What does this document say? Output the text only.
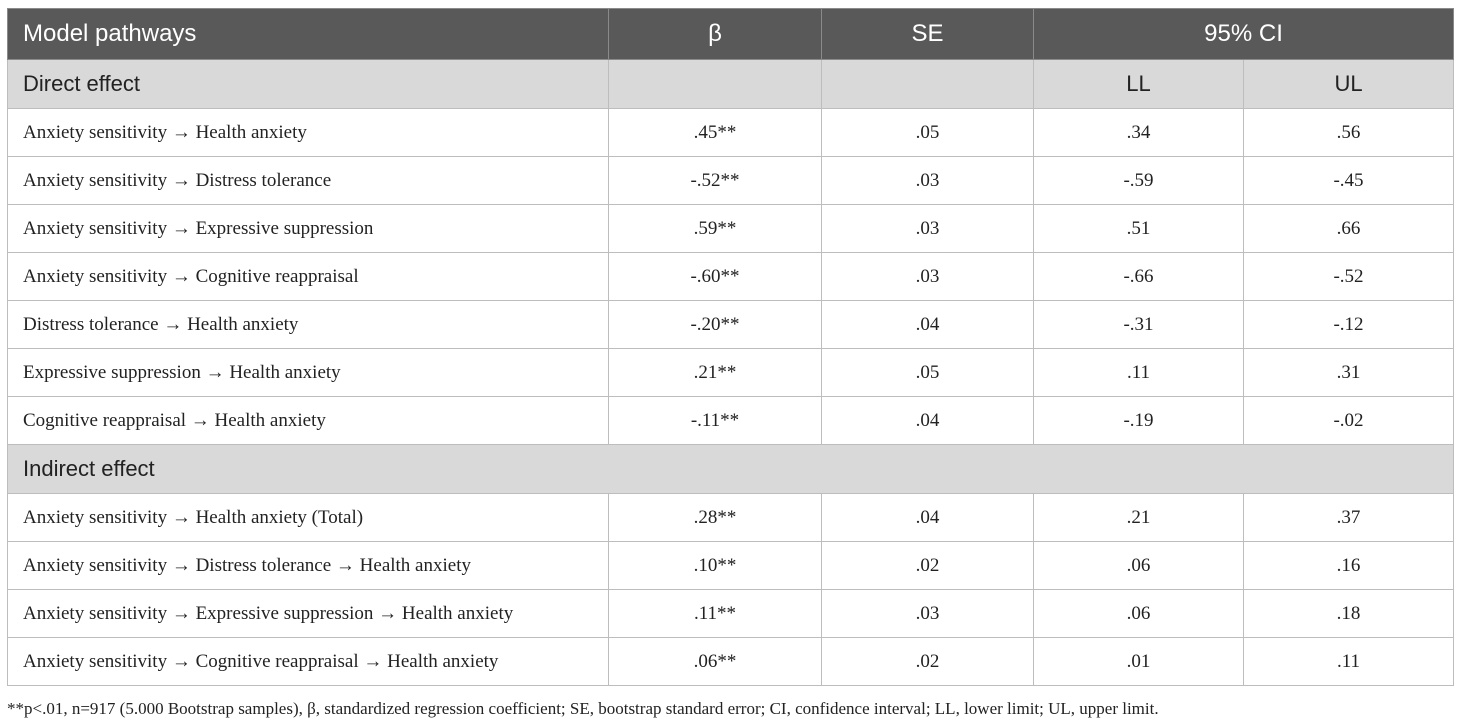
Model pathways	β	SE	95% CI	
Direct effect			LL	UL
Anxiety sensitivity → Health anxiety	.45**	.05	.34	.56
Anxiety sensitivity → Distress tolerance	-.52**	.03	-.59	-.45
Anxiety sensitivity → Expressive suppression	.59**	.03	.51	.66
Anxiety sensitivity → Cognitive reappraisal	-.60**	.03	-.66	-.52
Distress tolerance → Health anxiety	-.20**	.04	-.31	-.12
Expressive suppression → Health anxiety	.21**	.05	.11	.31
Cognitive reappraisal → Health anxiety	-.11**	.04	-.19	-.02
Indirect effect				
Anxiety sensitivity → Health anxiety (Total)	.28**	.04	.21	.37
Anxiety sensitivity → Distress tolerance → Health anxiety	.10**	.02	.06	.16
Anxiety sensitivity → Expressive suppression → Health anxiety	.11**	.03	.06	.18
Anxiety sensitivity → Cognitive reappraisal → Health anxiety	.06**	.02	.01	.11
**p<.01, n=917 (5.000 Bootstrap samples), β, standardized regression coefficient; SE, bootstrap standard error; CI, confidence interval; LL, lower limit; UL, upper limit.
